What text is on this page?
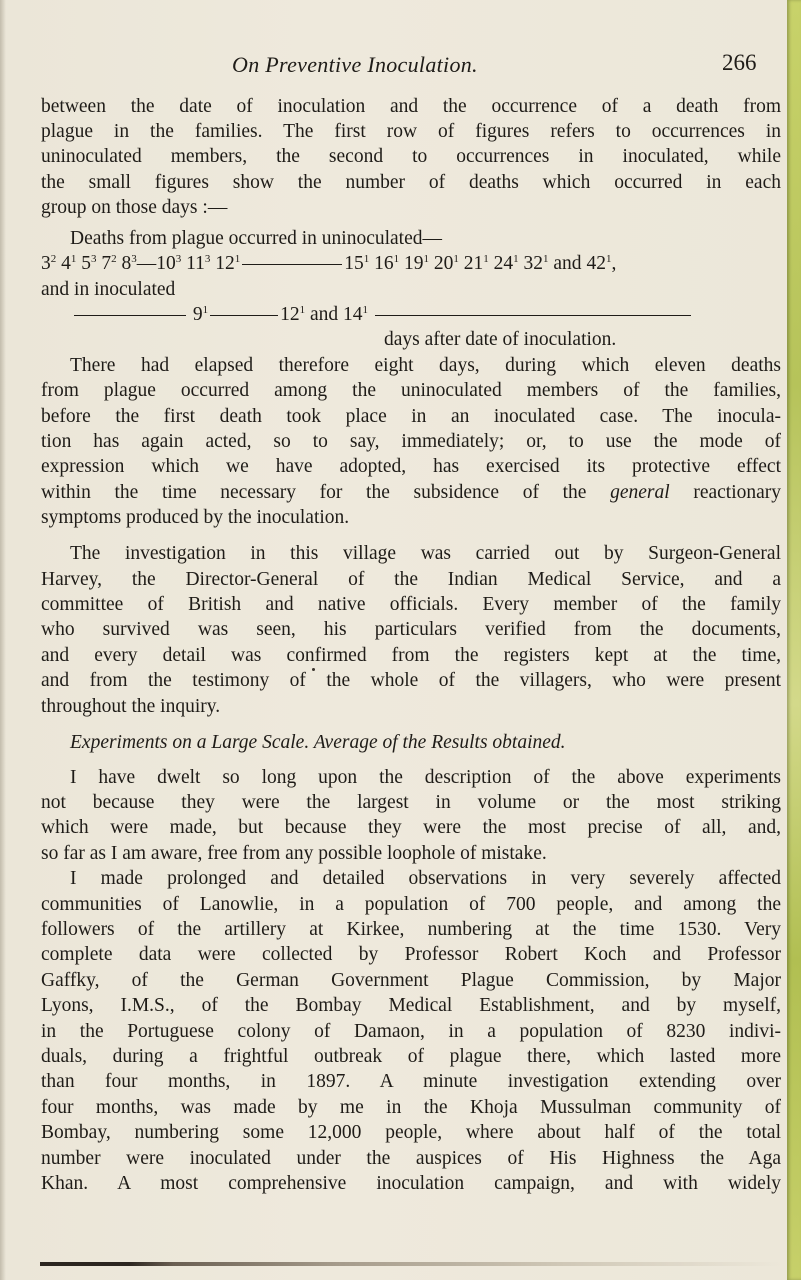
On Preventive Inoculation.	266
between the date of inoculation and the occurrence of a death from
plague in the families. The first row of figures refers to occurrences in
uninoculated members, the second to occurrences in inoculated, while
the small figures show the number of deaths which occurred in each
group on those days :—
Deaths from plague occurred in uninoculated—
$3^2$ $4^1$ $5^3$ $7^2$ $8^3—10^3$ $11^3$ $12^1$	$15^1$ $16^1$ $19^1$ $20^1$ $21^1$ $24^1$ $32^1$ and $42^1$,
and in inoculated
$9^1$	$12^1$ and $14^1$
days after date of inoculation.
There had elapsed therefore eight days, during which eleven deaths
from plague occurred among the uninoculated members of the families,
before the first death took place in an inoculated case. The inocula-
tion has again acted, so to say, immediately; or, to use the mode of
expression which we have adopted, has exercised its protective effect
within the time necessary for the subsidence of the general reactionary
symptoms produced by the inoculation.
The investigation in this village was carried out by Surgeon-General
Harvey, the Director-General of the Indian Medical Service, and a
committee of British and native officials. Every member of the family
who survived was seen, his particulars verified from the documents,
and every detail was confirmed from the registers kept at the time,
and from the testimony of the whole of the villagers, who were present
throughout the inquiry.
Experiments on a Large Scale. Average of the Results obtained.
I have dwelt so long upon the description of the above experiments
not because they were the largest in volume or the most striking
which were made, but because they were the most precise of all, and,
so far as I am aware, free from any possible loophole of mistake.
I made prolonged and detailed observations in very severely affected
communities of Lanowlie, in a population of 700 people, and among the
followers of the artillery at Kirkee, numbering at the time 1530. Very
complete data were collected by Professor Robert Koch and Professor
Gaffky, of the German Government Plague Commission, by Major
Lyons, I.M.S., of the Bombay Medical Establishment, and by myself,
in the Portuguese colony of Damaon, in a population of 8230 indivi-
duals, during a frightful outbreak of plague there, which lasted more
than four months, in 1897. A minute investigation extending over
four months, was made by me in the Khoja Mussulman community of
Bombay, numbering some 12,000 people, where about half of the total
number were inoculated under the auspices of His Highness the Aga
Khan. A most comprehensive inoculation campaign, and with widely
